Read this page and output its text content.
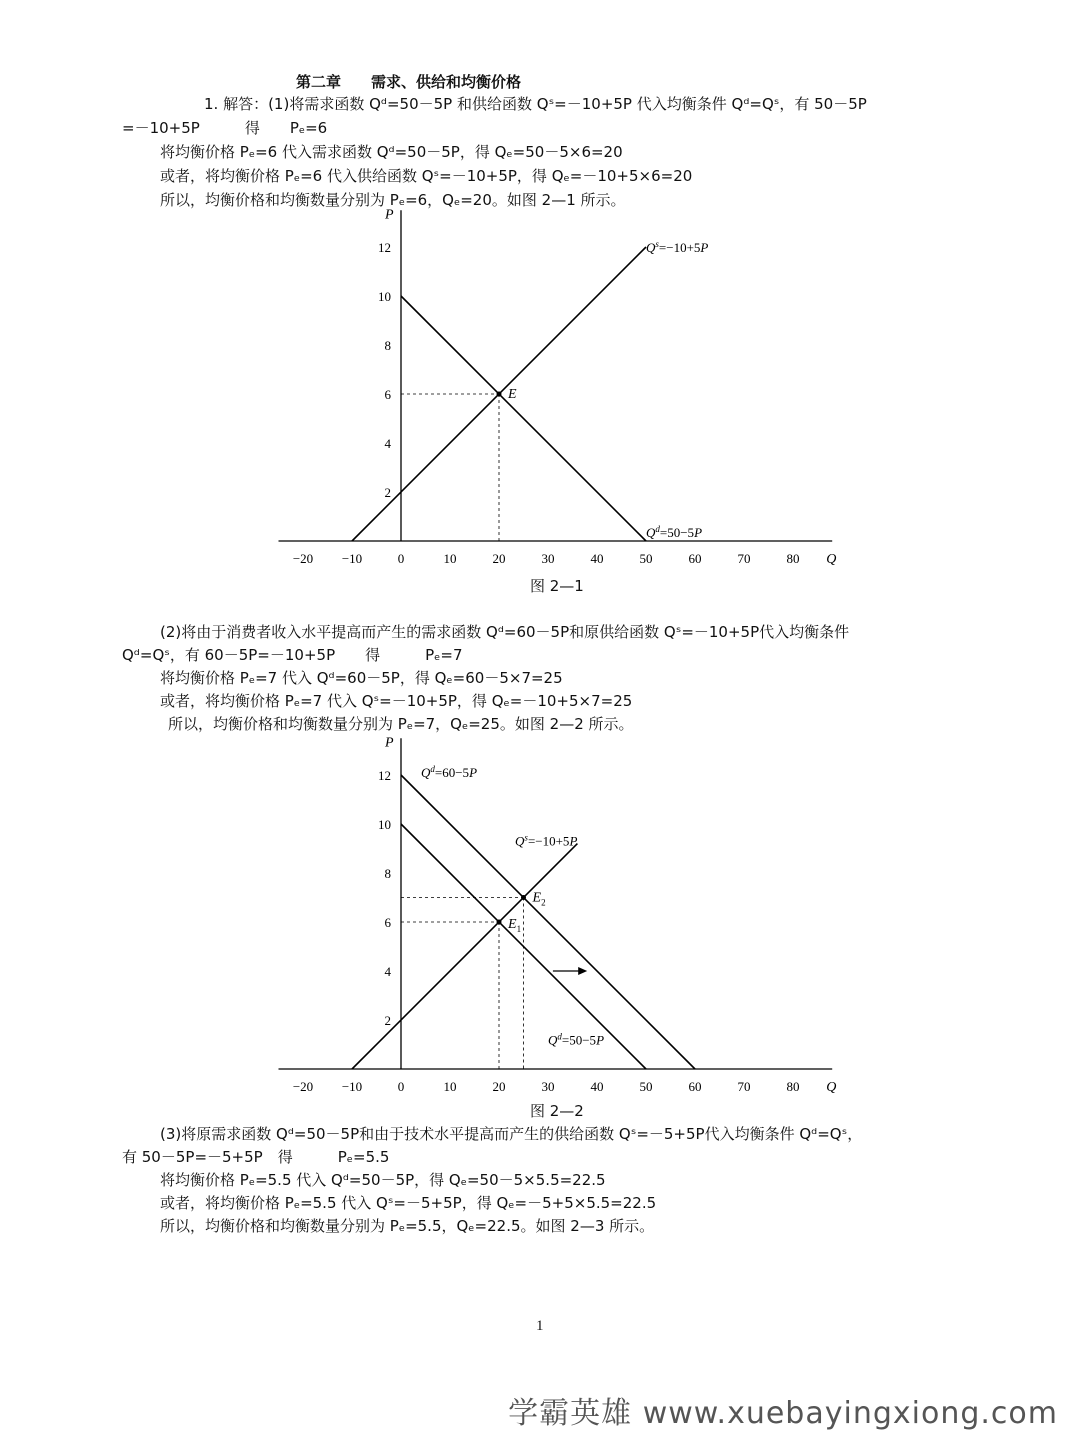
第二章　　需求、供给和均衡价格
1. 解答：(1)将需求函数 Qᵈ=50－5P 和供给函数 Qˢ=－10+5P 代入均衡条件 Qᵈ=Qˢ，有 50－5P
=－10+5P　　　得　　Pₑ=6
将均衡价格 Pₑ=6 代入需求函数 Qᵈ=50－5P，得 Qₑ=50－5×6=20
或者，将均衡价格 Pₑ=6 代入供给函数 Qˢ=－10+5P，得 Qₑ=－10+5×6=20
所以，均衡价格和均衡数量分别为 Pₑ=6，Qₑ=20。如图 2—1 所示。
Q
P
−20 −10	0	10	20	30	40	50	60	70	80
2
4
6
8
10
12
E
$Q^s=-10+5P$
$Q^d=50-5P$
图 2—1
(2)将由于消费者收入水平提高而产生的需求函数 Qᵈ=60－5P和原供给函数 Qˢ=－10+5P代入均衡条件
Qᵈ=Qˢ，有 60－5P=－10+5P　　得　　　Pₑ=7
将均衡价格 Pₑ=7 代入 Qᵈ=60－5P，得 Qₑ=60－5×7=25
或者，将均衡价格 Pₑ=7 代入 Qˢ=－10+5P，得 Qₑ=－10+5×7=25
所以，均衡价格和均衡数量分别为 Pₑ=7，Qₑ=25。如图 2—2 所示。
Q
P
−20 −10	0	10	20	30	40	50	60	70	80
2
4
6
8
10
12
$E_1$
$E_2$
$Q^d=60-5P$
$Q^s=-10+5P$
$Q^d=50-5P$
图 2—2
(3)将原需求函数 Qᵈ=50－5P和由于技术水平提高而产生的供给函数 Qˢ=－5+5P代入均衡条件 Qᵈ=Qˢ，
有 50－5P=－5+5P　得　　　Pₑ=5.5
将均衡价格 Pₑ=5.5 代入 Qᵈ=50－5P，得 Qₑ=50－5×5.5=22.5
或者，将均衡价格 Pₑ=5.5 代入 Qˢ=－5+5P，得 Qₑ=－5+5×5.5=22.5
所以，均衡价格和均衡数量分别为 Pₑ=5.5，Qₑ=22.5。如图 2—3 所示。
1
学霸英雄 www.xuebayingxiong.com
